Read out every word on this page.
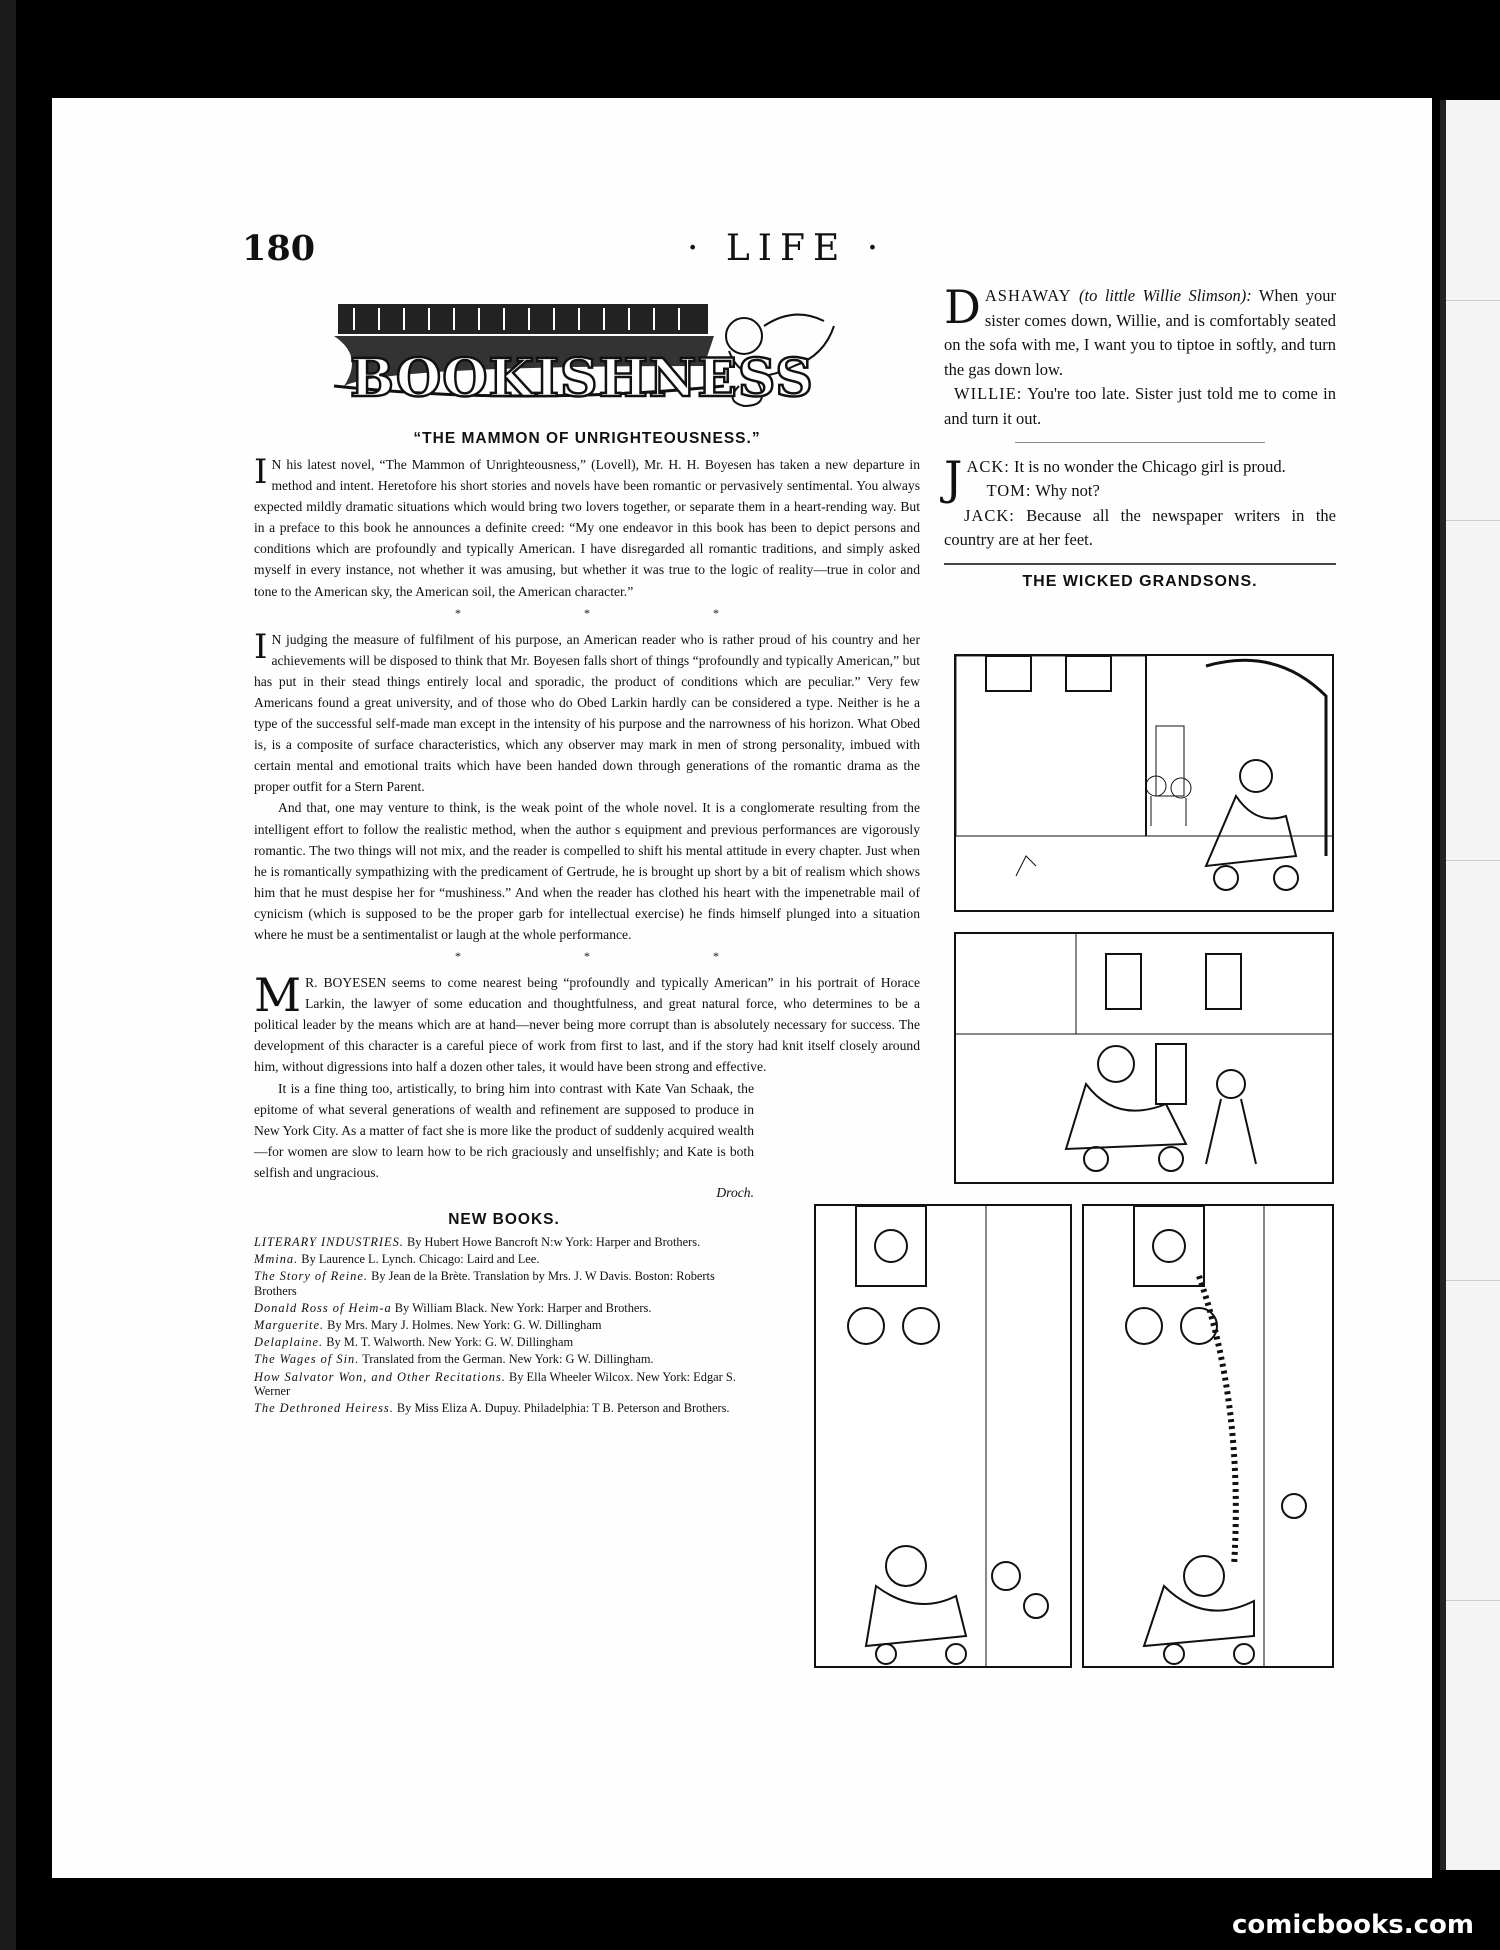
180	· LIFE ·
BOOKISHNESS
“THE MAMMON OF UNRIGHTEOUSNESS.”

I N his latest novel, “The Mammon of Unrighteousness,” (Lovell), Mr. H. H. Boyesen has taken a new departure in method and intent. Heretofore his short stories and novels have been romantic or pervasively sentimental. You always expected mildly dramatic situations which would bring two lovers together, or separate them in a heart-rending way. But in a preface to this book he announces a definite creed: “My one endeavor in this book has been to depict persons and conditions which are profoundly and typically American. I have disregarded all romantic traditions, and simply asked myself in every instance, not whether it was amusing, but whether it was true to the logic of reality—true in color and tone to the American sky, the American soil, the American character.”

* * *

I N judging the measure of fulfilment of his purpose, an American reader who is rather proud of his country and her achievements will be disposed to think that Mr. Boyesen falls short of things “profoundly and typically American,” but has put in their stead things entirely local and sporadic, the product of conditions which are peculiar.” Very few Americans found a great university, and of those who do Obed Larkin hardly can be considered a type. Neither is he a type of the successful self-made man except in the intensity of his purpose and the narrowness of his horizon. What Obed is, is a composite of surface characteristics, which any observer may mark in men of strong personality, imbued with certain mental and emotional traits which have been handed down through generations of the romantic drama as the proper outfit for a Stern Parent.

And that, one may venture to think, is the weak point of the whole novel. It is a conglomerate resulting from the intelligent effort to follow the realistic method, when the author s equipment and previous performances are vigorously romantic. The two things will not mix, and the reader is compelled to shift his mental attitude in every chapter. Just when he is romantically sympathizing with the predicament of Gertrude, he is brought up short by a bit of realism which shows him that he must despise her for “mushiness.” And when the reader has clothed his heart with the impenetrable mail of cynicism (which is supposed to be the proper garb for intellectual exercise) he finds himself plunged into a situation where he must be a sentimentalist or laugh at the whole performance.

* * *

M R. BOYESEN seems to come nearest being “profoundly and typically American” in his portrait of Horace Larkin, the lawyer of some education and thoughtfulness, and great natural force, who determines to be a political leader by the means which are at hand—never being more corrupt than is absolutely necessary for success. The development of this character is a careful piece of work from first to last, and if the story had knit itself closely around him, without digressions into half a dozen other tales, it would have been strong and effective.

It is a fine thing too, artistically, to bring him into contrast with Kate Van Schaak, the epitome of what several generations of wealth and refinement are supposed to produce in New York City. As a matter of fact she is more like the product of suddenly acquired wealth—for women are slow to learn how to be rich graciously and unselfishly; and Kate is both selfish and ungracious.

Droch.
NEW BOOKS.

LITERARY INDUSTRIES. By Hubert Howe Bancroft N:w York: Harper and Brothers.

Mmina. By Laurence L. Lynch. Chicago: Laird and Lee.

The Story of Reine. By Jean de la Brète. Translation by Mrs. J. W Davis. Boston: Roberts Brothers

Donald Ross of Heim-a By William Black. New York: Harper and Brothers.

Marguerite. By Mrs. Mary J. Holmes. New York: G. W. Dillingham

Delaplaine. By M. T. Walworth. New York: G. W. Dillingham

The Wages of Sin. Translated from the German. New York: G W. Dillingham.

How Salvator Won, and Other Recitations. By Ella Wheeler Wilcox. New York: Edgar S. Werner

The Dethroned Heiress. By Miss Eliza A. Dupuy. Philadelphia: T B. Peterson and Brothers.

DASHAWAY (to little Willie Slimson): When your sister comes down, Willie, and is comfortably seated on the sofa with me, I want you to tiptoe in softly, and turn the gas down low.

WILLIE: You're too late. Sister just told me to come in and turn it out.

JACK: It is no wonder the Chicago girl is proud.

TOM: Why not?

JACK: Because all the newspaper writers in the country are at her feet.

THE WICKED GRANDSONS.
comicbooks.com
